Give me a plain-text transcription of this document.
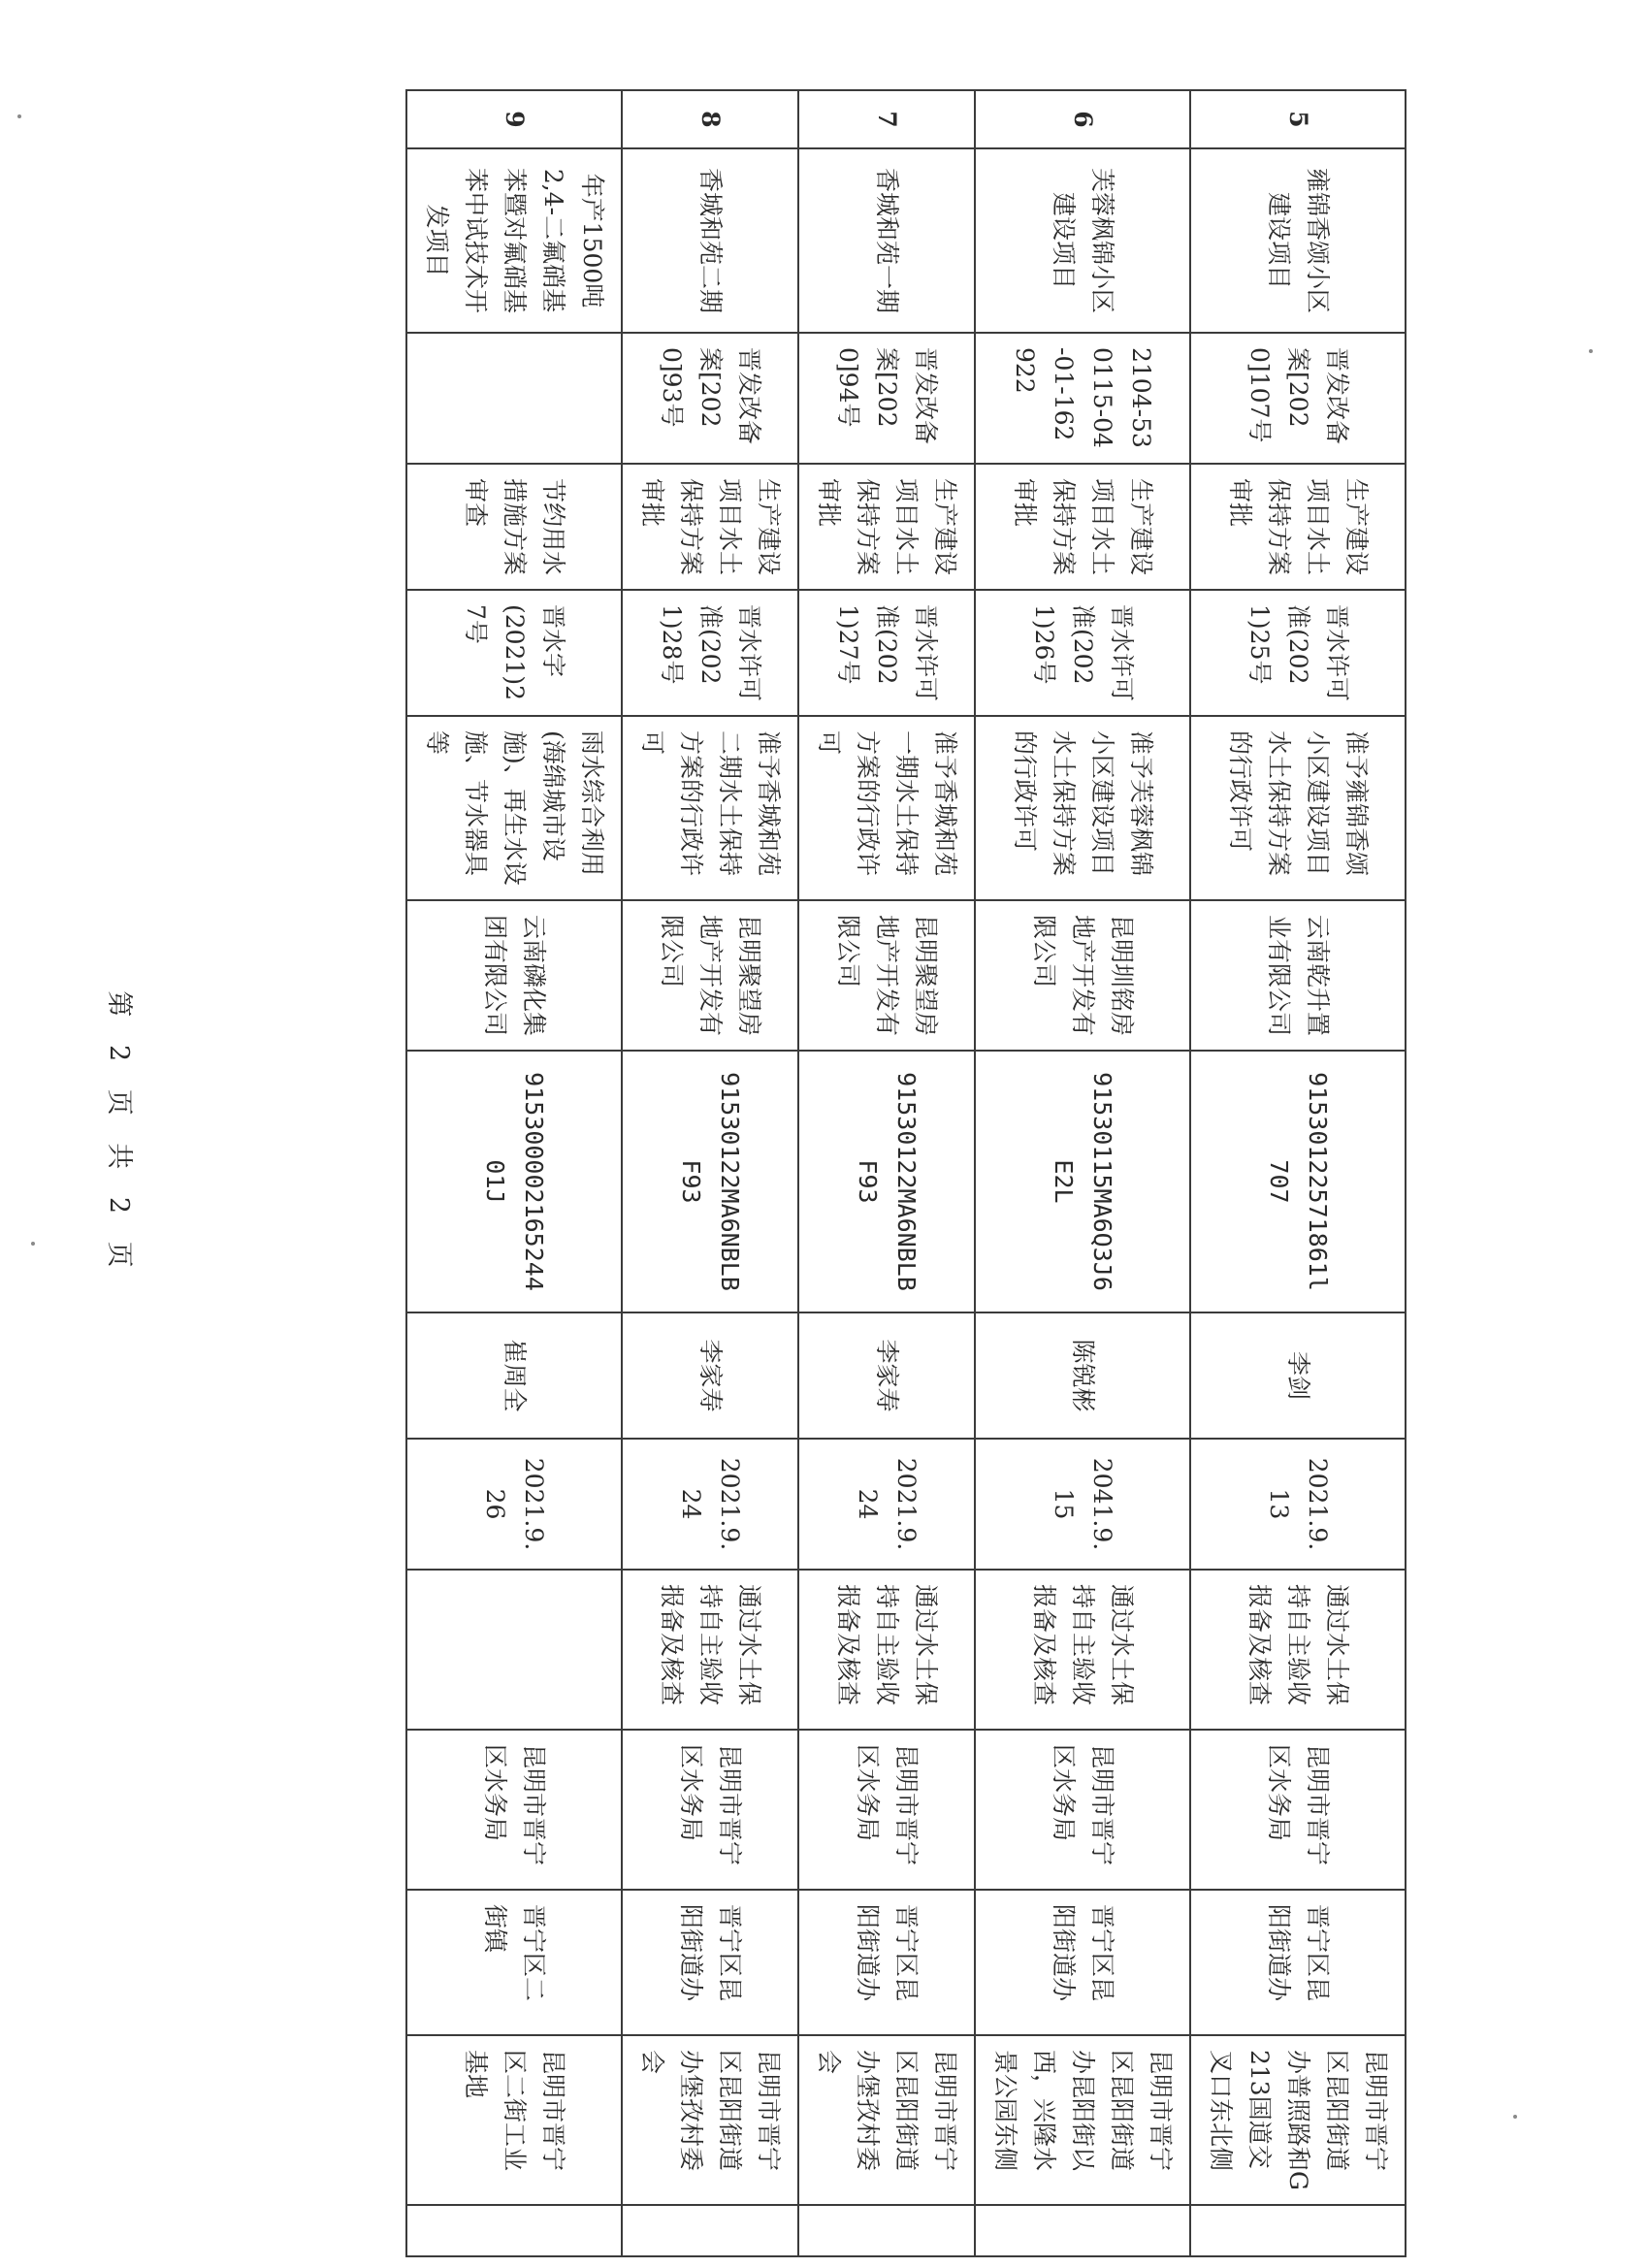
5	雍锦香颂小区建设项目	晋发改备案[2020]107号	生产建设项目水土保持方案审批	晋水许可准(2021)25号	准予雍锦香颂小区建设项目水土保持方案的行政许可	云南乾升置业有限公司	91530122571861l707	李剑	2021.9.13	通过水土保持自主验收报备及核查	昆明市晋宁区水务局	晋宁区昆阳街道办	昆明市晋宁区昆阳街道办普照路和G213国道交叉口东北侧	
6	芙蓉枫锦小区建设项目	2104-530115-04-01-162922	生产建设项目水土保持方案审批	晋水许可准(2021)26号	准予芙蓉枫锦小区建设项目水土保持方案的行政许可	昆明圳铭房地产开发有限公司	91530115MA6Q3J6E2L	陈锐彬	2041.9.15	通过水土保持自主验收报备及核查	昆明市晋宁区水务局	晋宁区昆阳街道办	昆明市晋宁区昆阳街道办昆阳街以西，兴隆水景公园东侧	
7	香城和苑一期	晋发改备案[2020]94号	生产建设项目水土保持方案审批	晋水许可准(2021)27号	准予香城和苑一期水土保持方案的行政许可	昆明聚望房地产开发有限公司	91530122MA6NBLBF93	李家寿	2021.9.24	通过水土保持自主验收报备及核查	昆明市晋宁区水务局	晋宁区昆阳街道办	昆明市晋宁区昆阳街道办堡孜村委会	
8	香城和苑二期	晋发改备案[2020]93号	生产建设项目水土保持方案审批	晋水许可准(2021)28号	准予香城和苑二期水土保持方案的行政许可	昆明聚望房地产开发有限公司	91530122MA6NBLBF93	李家寿	2021.9.24	通过水土保持自主验收报备及核查	昆明市晋宁区水务局	晋宁区昆阳街道办	昆明市晋宁区昆阳街道办堡孜村委会	
9	年产1500吨2,4-二氟硝基苯暨对氟硝基苯中试技术开发项目		节约用水措施方案审查	晋水字(2021)27号	雨水综合利用(海绵城市设施)、再生水设施、节水器具等	云南磷化集团有限公司	91530000216524401J	崔周全	2021.9.26		昆明市晋宁区水务局	晋宁区二街镇	昆明市晋宁区二街工业基地	
第 2 页 共 2 页
